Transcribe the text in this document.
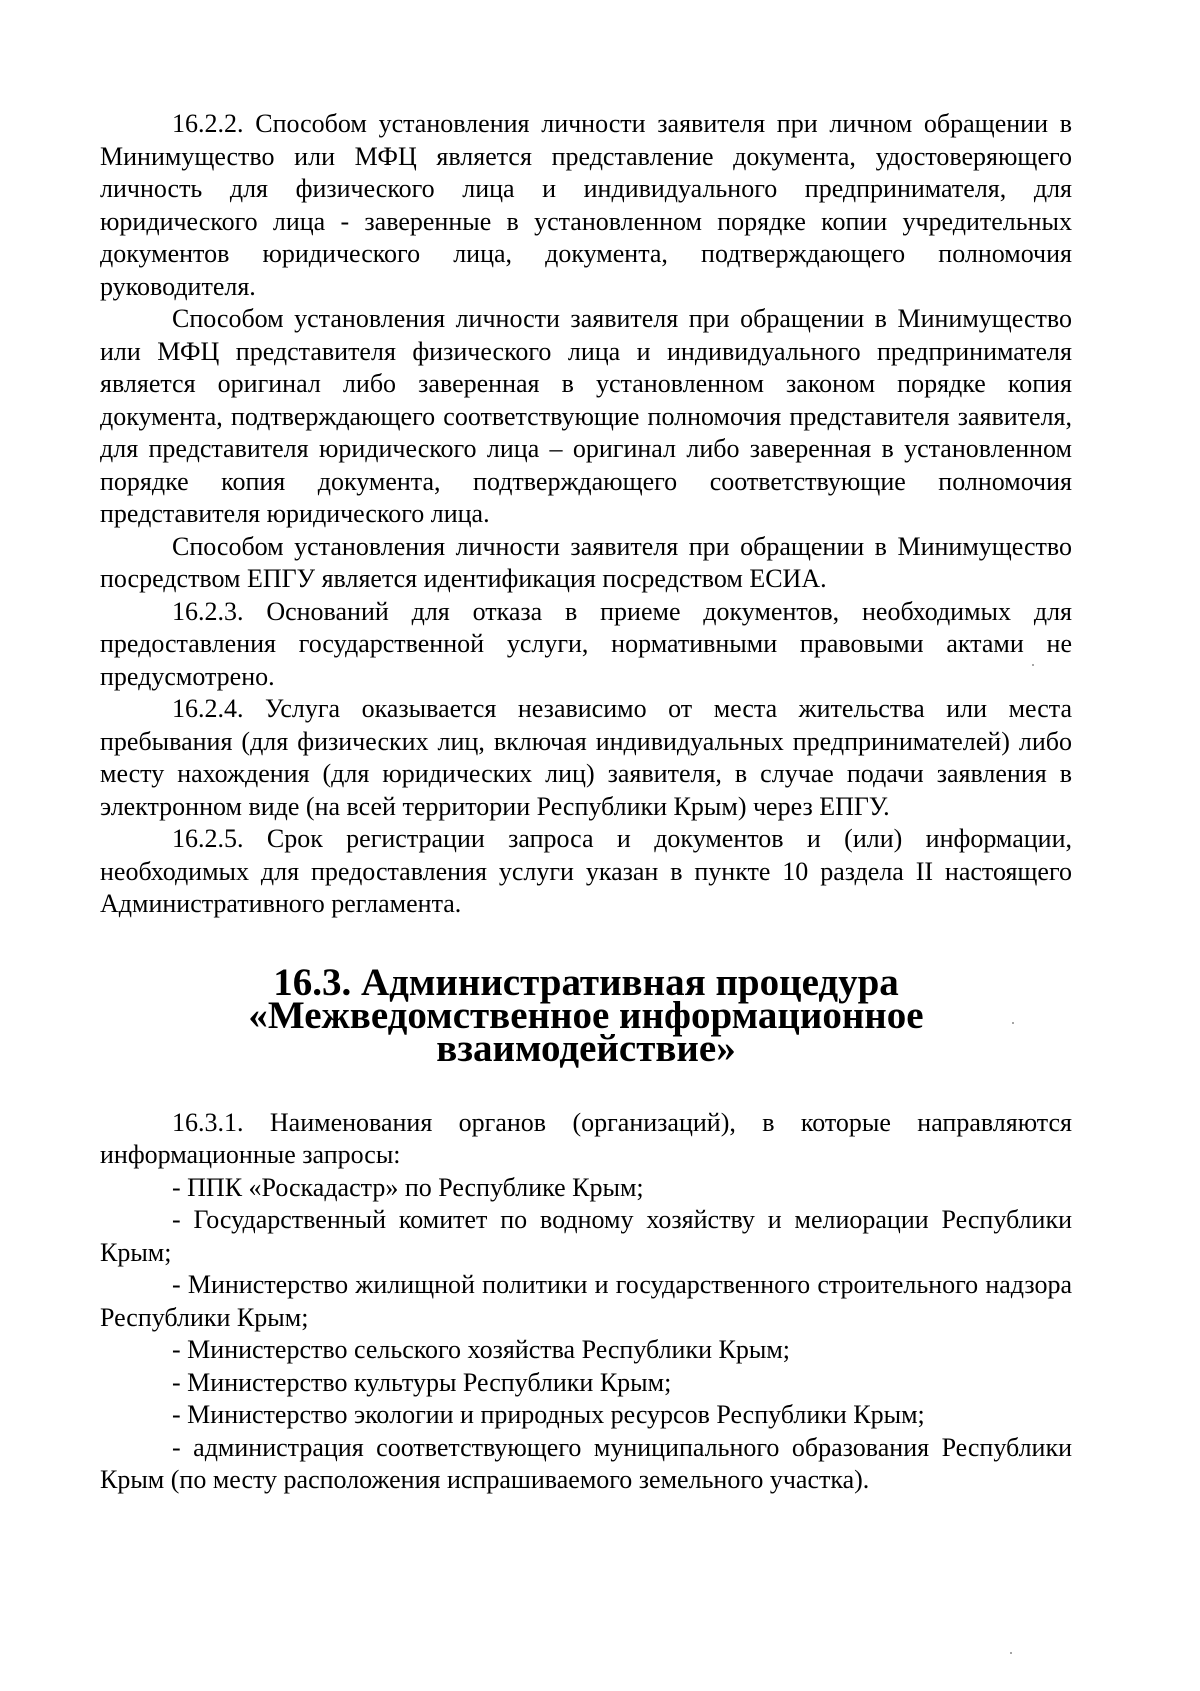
16.2.2. Способом установления личности заявителя при личном обращении в Минимущество или МФЦ является представление документа, удостоверяющего личность для физического лица и индивидуального предпринимателя, для юридического лица - заверенные в установленном порядке копии учредительных документов юридического лица, документа, подтверждающего полномочия руководителя.

Способом установления личности заявителя при обращении в Минимущество или МФЦ представителя физического лица и индивидуального предпринимателя является оригинал либо заверенная в установленном законом порядке копия документа, подтверждающего соответствующие полномочия представителя заявителя, для представителя юридического лица – оригинал либо заверенная в установленном порядке копия документа, подтверждающего соответствующие полномочия представителя юридического лица.

Способом установления личности заявителя при обращении в Минимущество посредством ЕПГУ является идентификация посредством ЕСИА.

16.2.3. Оснований для отказа в приеме документов, необходимых для предоставления государственной услуги, нормативными правовыми актами не предусмотрено.

16.2.4. Услуга оказывается независимо от места жительства или места пребывания (для физических лиц, включая индивидуальных предпринимателей) либо месту нахождения (для юридических лиц) заявителя, в случае подачи заявления в электронном виде (на всей территории Республики Крым) через ЕПГУ.

16.2.5. Срок регистрации запроса и документов и (или) информации, необходимых для предоставления услуги указан в пункте 10 раздела II настоящего Административного регламента.

16.3. Административная процедура
«Межведомственное информационное взаимодействие»

16.3.1. Наименования органов (организаций), в которые направляются информационные запросы:

- ППК «Роскадастр» по Республике Крым;

- Государственный комитет по водному хозяйству и мелиорации Республики Крым;

- Министерство жилищной политики и государственного строительного надзора Республики Крым;

- Министерство сельского хозяйства Республики Крым;

- Министерство культуры Республики Крым;

- Министерство экологии и природных ресурсов Республики Крым;

- администрация соответствующего муниципального образования Республики Крым (по месту расположения испрашиваемого земельного участка).
